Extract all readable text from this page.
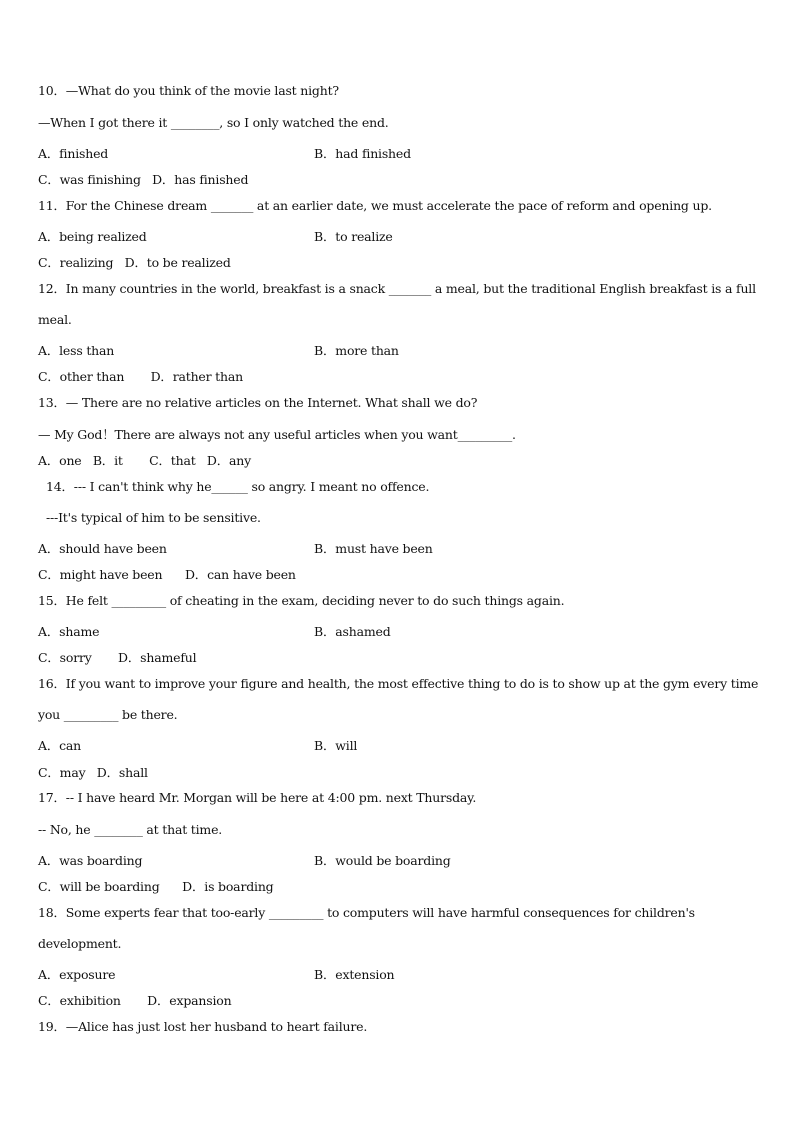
10．—What do you think of the movie last night?
—When I got there it ________, so I only watched the end.
A．finished	B．had finished
C．was finishing   D．has finished
11．For the Chinese dream _______ at an earlier date, we must accelerate the pace of reform and opening up.
A．being realized	B．to realize
C．realizing   D．to be realized
12．In many countries in the world, breakfast is a snack _______ a meal, but the traditional English breakfast is a full
meal.
A．less than	B．more than
C．other than       D．rather than
13．— There are no relative articles on the Internet. What shall we do?
— My God！There are always not any useful articles when you want_________.
A．one   B．it       C．that   D．any
14．--- I can't think why he______ so angry. I meant no offence.
---It's typical of him to be sensitive.
A．should have been	B．must have been
C．might have been      D．can have been
15．He felt _________ of cheating in the exam, deciding never to do such things again.
A．shame	B．ashamed
C．sorry       D．shameful
16．If you want to improve your figure and health, the most effective thing to do is to show up at the gym every time
you _________ be there.
A．can	B．will
C．may   D．shall
17．-- I have heard Mr. Morgan will be here at 4:00 pm. next Thursday.
-- No, he ________ at that time.
A．was boarding	B．would be boarding
C．will be boarding      D．is boarding
18．Some experts fear that too-early _________ to computers will have harmful consequences for children's
development.
A．exposure	B．extension
C．exhibition       D．expansion
19．—Alice has just lost her husband to heart failure.
